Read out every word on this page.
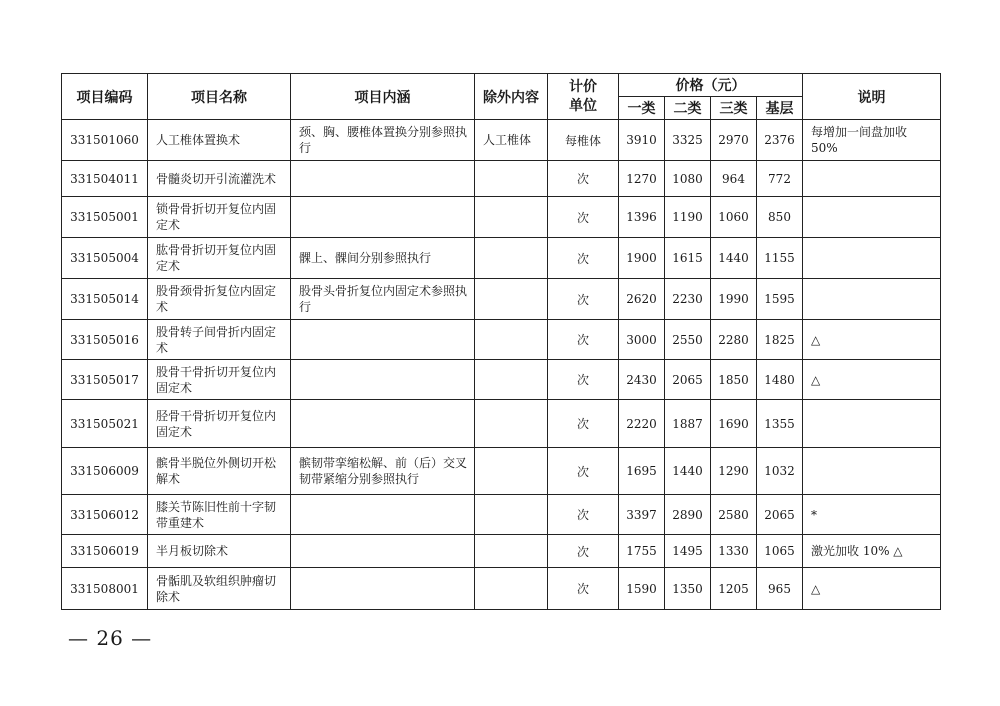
项目编码	项目名称	项目内涵	除外内容	计价单位	价格（元）				说明
					一类	二类	三类	基层	
331501060	人工椎体置换术	颈、胸、腰椎体置换分别参照执行	人工椎体	每椎体	3910	3325	2970	2376	每增加一间盘加收 50%
331504011	骨髓炎切开引流灌洗术			次	1270	1080	964	772	
331505001	锁骨骨折切开复位内固定术			次	1396	1190	1060	850	
331505004	肱骨骨折切开复位内固定术	髁上、髁间分别参照执行		次	1900	1615	1440	1155	
331505014	股骨颈骨折复位内固定术	股骨头骨折复位内固定术参照执行		次	2620	2230	1990	1595	
331505016	股骨转子间骨折内固定术			次	3000	2550	2280	1825	△
331505017	股骨干骨折切开复位内固定术			次	2430	2065	1850	1480	△
331505021	胫骨干骨折切开复位内固定术			次	2220	1887	1690	1355	
331506009	髌骨半脱位外侧切开松解术	髌韧带挛缩松解、前（后）交叉韧带紧缩分别参照执行		次	1695	1440	1290	1032	
331506012	膝关节陈旧性前十字韧带重建术			次	3397	2890	2580	2065	*
331506019	半月板切除术			次	1755	1495	1330	1065	激光加收 10% △
331508001	骨骺肌及软组织肿瘤切除术			次	1590	1350	1205	965	△
— 26 —
